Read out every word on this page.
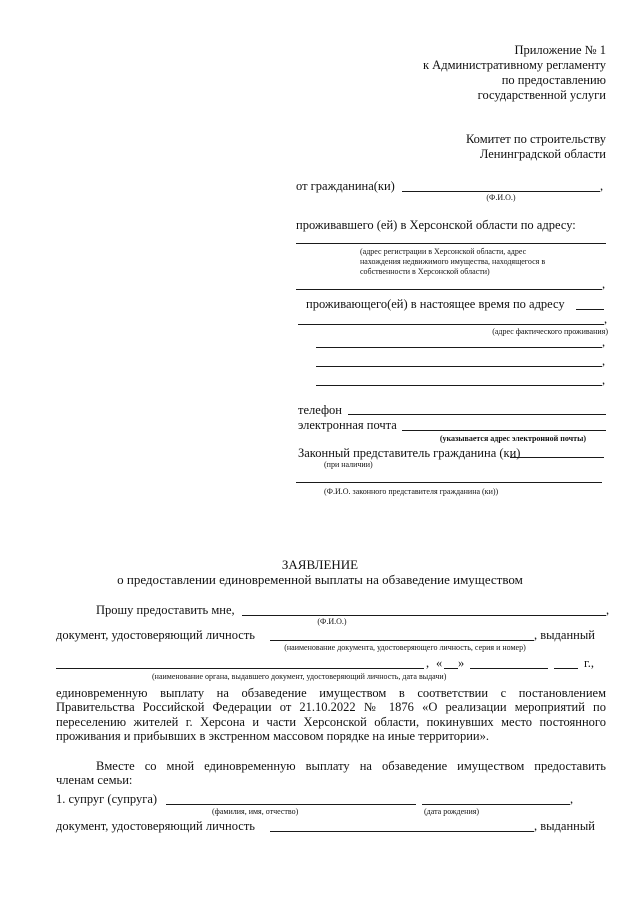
Приложение № 1
к Административному регламенту
по предоставлению
государственной услуги
Комитет по строительству
Ленинградской области
от гражданина(ки)	,
(Ф.И.О.)
проживавшего (ей) в Херсонской области по адресу:
(адрес регистрации в Херсонской области, адрес
нахождения недвижимого имущества, находящегося в
собственности в Херсонской области)
,
проживающего(ей) в настоящее время по адресу
,
(адрес фактического проживания)
,
,
,
телефон
электронная почта
(указывается адрес электронной почты)
Законный представитель гражданина (ки)
(при наличии)
(Ф.И.О. законного представителя гражданина (ки))
ЗАЯВЛЕНИЕ
о предоставлении единовременной выплаты на обзаведение имуществом
Прошу предоставить мне,	,
(Ф.И.О.)
документ, удостоверяющий личность	, выданный
(наименование документа, удостоверяющего личность, серия и номер)
, « »	г.,
(наименование органа, выдавшего документ, удостоверяющий личность, дата выдачи)
единовременную выплату на обзаведение имуществом в соответствии с постановлением
Правительства Российской Федерации от 21.10.2022 № 1876 «О реализации мероприятий по
переселению жителей г. Херсона и части Херсонской области, покинувших место постоянного
проживания и прибывших в экстренном массовом порядке на иные территории».
Вместе со мной единовременную выплату на обзаведение имуществом предоставить
членам семьи:
1. супруг (супруга)	,
(фамилия, имя, отчество)	(дата рождения)
документ, удостоверяющий личность	, выданный
